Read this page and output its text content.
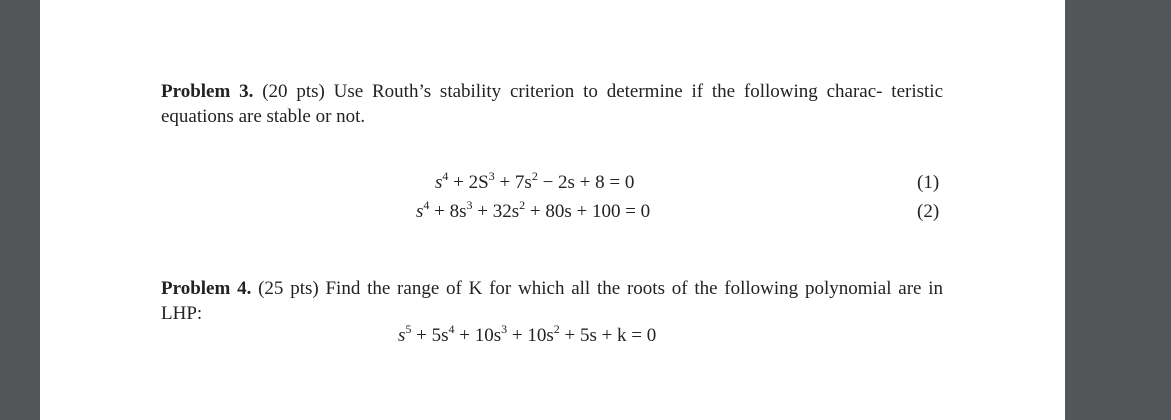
Problem 3. (20 pts) Use Routh’s stability criterion to determine if the following charac- teristic equations are stable or not.
$s^4 + 2S^3 + 7s^2 - 2s + 8 = 0$	(1)
$s^4 + 8s^3 + 32s^2 + 80s + 100 = 0$	(2)
Problem 4. (25 pts) Find the range of K for which all the roots of the following polynomial are in LHP:
$s^5 + 5s^4 + 10s^3 + 10s^2 + 5s + k = 0$
